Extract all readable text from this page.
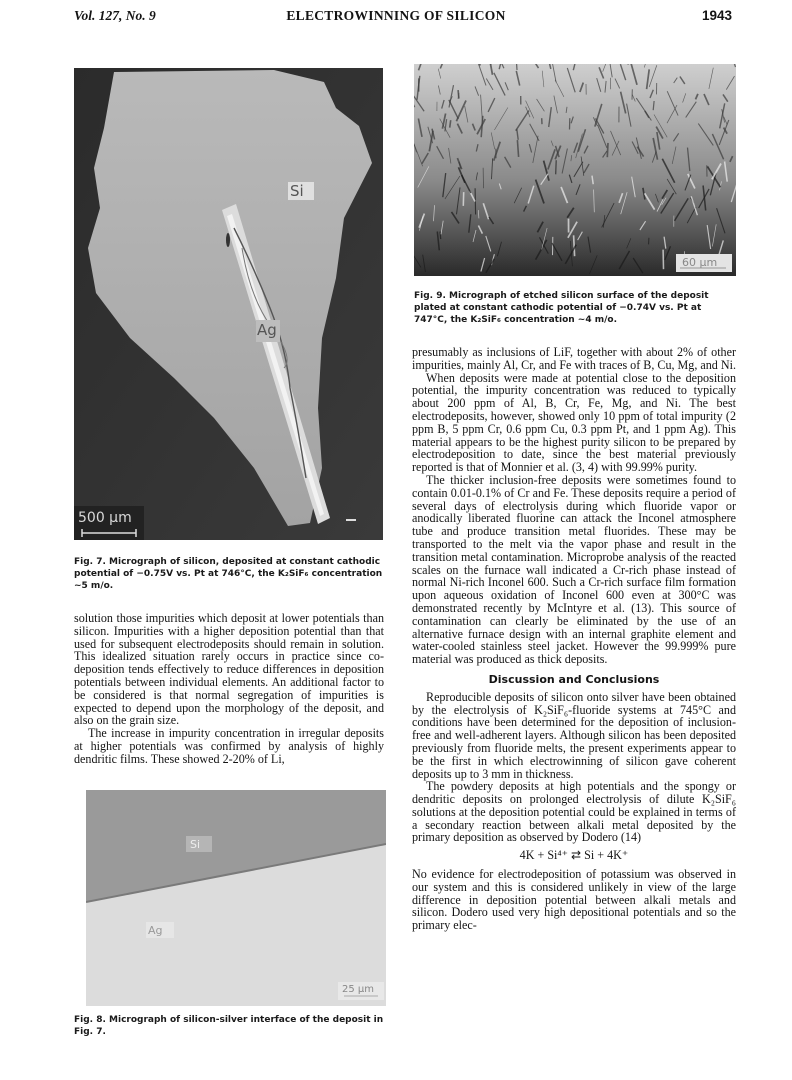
Vol. 127, No. 9	ELECTROWINNING OF SILICON	1943
Si
Ag
500 μm
Fig. 7. Micrograph of silicon, deposited at constant cathodic potential of −0.75V vs. Pt at 746°C, the K₂SiF₆ concentration ~5 m/o.

solution those impurities which deposit at lower potentials than silicon. Impurities with a higher deposition potential than that used for subsequent electrodeposits should remain in solution. This idealized situation rarely occurs in practice since co-deposition tends effectively to reduce differences in deposition potentials between individual elements. An additional factor to be considered is that normal segregation of impurities is expected to depend upon the morphology of the deposit, and also on the grain size.

The increase in impurity concentration in irregular deposits at higher potentials was confirmed by analysis of highly dendritic films. These showed 2-20% of Li,

Si
Ag
25 μm
Fig. 8. Micrograph of silicon-silver interface of the deposit in Fig. 7.
60 μm
Fig. 9. Micrograph of etched silicon surface of the deposit plated at constant cathodic potential of −0.74V vs. Pt at 747°C, the K₂SiF₆ concentration ~4 m/o.

presumably as inclusions of LiF, together with about 2% of other impurities, mainly Al, Cr, and Fe with traces of B, Cu, Mg, and Ni.

When deposits were made at potential close to the deposition potential, the impurity concentration was reduced to typically about 200 ppm of Al, B, Cr, Fe, Mg, and Ni. The best electrodeposits, however, showed only 10 ppm of total impurity (2 ppm B, 5 ppm Cr, 0.6 ppm Cu, 0.3 ppm Pt, and 1 ppm Ag). This material appears to be the highest purity silicon to be prepared by electrodeposition to date, since the best material previously reported is that of Monnier et al. (3, 4) with 99.99% purity.

The thicker inclusion-free deposits were sometimes found to contain 0.01-0.1% of Cr and Fe. These deposits require a period of several days of electrolysis during which fluoride vapor or anodically liberated fluorine can attack the Inconel atmosphere tube and produce transition metal fluorides. These may be transported to the melt via the vapor phase and result in the transition metal contamination. Microprobe analysis of the reacted scales on the furnace wall indicated a Cr-rich phase instead of normal Ni-rich Inconel 600. Such a Cr-rich surface film formation upon aqueous oxidation of Inconel 600 even at 300°C was demonstrated recently by McIntyre et al. (13). This source of contamination can clearly be eliminated by the use of an alternative furnace design with an internal graphite element and water-cooled stainless steel jacket. However the 99.999% pure material was produced as thick deposits.

Discussion and Conclusions

Reproducible deposits of silicon onto silver have been obtained by the electrolysis of K₂SiF₆-fluoride systems at 745°C and conditions have been determined for the deposition of inclusion-free and well-adherent layers. Although silicon has been deposited previously from fluoride melts, the present experiments appear to be the first in which electrowinning of silicon gave coherent deposits up to 3 mm in thickness.

The powdery deposits at high potentials and the spongy or dendritic deposits on prolonged electrolysis of dilute K₂SiF₆ solutions at the deposition potential could be explained in terms of a secondary reaction between alkali metal deposited by the primary deposition as observed by Dodero (14)

4K + Si⁴⁺ ⇄ Si + 4K⁺

No evidence for electrodeposition of potassium was observed in our system and this is considered unlikely in view of the large difference in deposition potential between alkali metals and silicon. Dodero used very high depositional potentials and so the primary elec-
